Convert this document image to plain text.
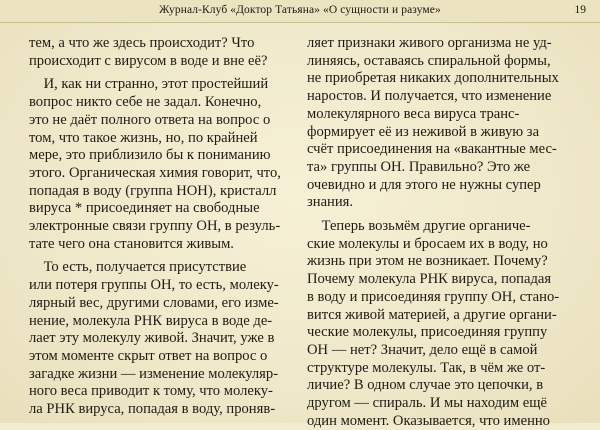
Журнал-Клуб «Доктор Татьяна» «О сущности и разуме»	19

тем, а что же здесь происходит? Что

происходит с вирусом в воде и вне её?

И, как ни странно, этот простейший

вопрос никто себе не задал. Конечно,

это не даёт полного ответа на вопрос о

том, что такое жизнь, но, по крайней

мере, это приблизило бы к пониманию

этого. Органическая химия говорит, что,

попадая в воду (группа HOH), кристалл

вируса * присоединяет на свободные

электронные связи группу ОН, в резуль-

тате чего она становится живым.

То есть, получается присутствие

или потеря группы ОН, то есть, молеку-

лярный вес, другими словами, его изме-

нение, молекула РНК вируса в воде де-

лает эту молекулу живой. Значит, уже в

этом моменте скрыт ответ на вопрос о

загадке жизни — изменение молекуляр-

ного веса приводит к тому, что молеку-

ла РНК вируса, попадая в воду, проняв-

ляет признаки живого организма не уд-

линяясь, оставаясь спиральной формы,

не приобретая никаких дополнительных

наростов. И получается, что изменение

молекулярного веса вируса транс-

формирует её из неживой в живую за

счёт присоединения на «вакантные мес-

та» группы ОН. Правильно? Это же

очевидно и для этого не нужны супер

знания.

Теперь возьмём другие органиче-

ские молекулы и бросаем их в воду, но

жизнь при этом не возникает. Почему?

Почему молекула РНК вируса, попадая

в воду и присоединяя группу ОН, стано-

вится живой материей, а другие органи-

ческие молекулы, присоединяя группу

ОН — нет? Значит, дело ещё в самой

структуре молекулы. Так, в чём же от-

личие? В одном случае это цепочки, в

другом — спираль. И мы находим ещё

один момент. Оказывается, что именно
